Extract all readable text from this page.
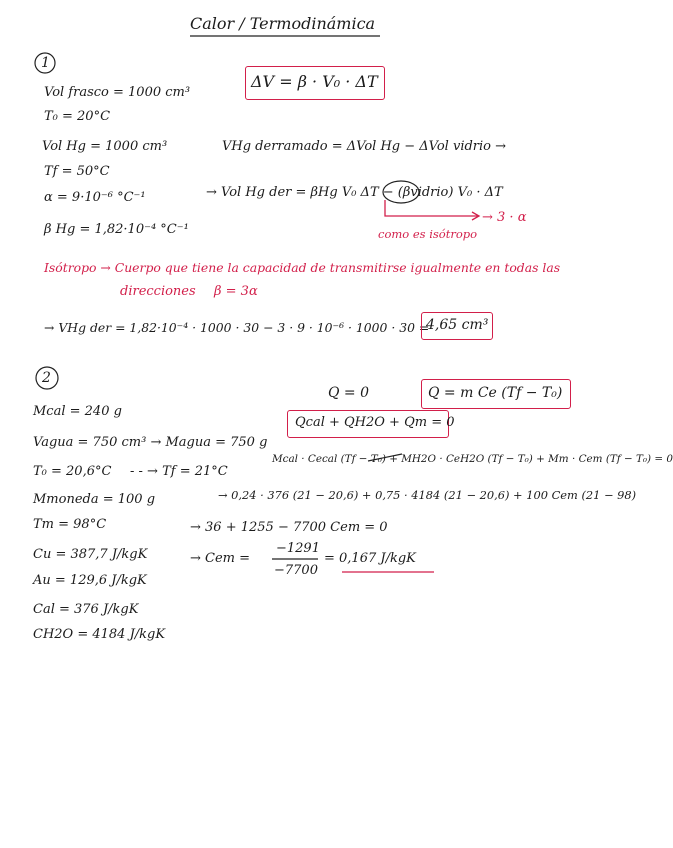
Calor / Termodinámica
1
Vol frasco = 1000 cm³
T₀ = 20°C
Vol Hg = 1000 cm³
Tf = 50°C
α = 9·10⁻⁶ °C⁻¹
β Hg = 1,82·10⁻⁴ °C⁻¹
ΔV = β · V₀ · ΔT
VHg derramado = ΔVol Hg − ΔVol vidrio →
→ Vol Hg der = βHg V₀ ΔT − (βvidrio) V₀ · ΔT
→ 3 · α
como es isótropo
Isótropo → Cuerpo que tiene la capacidad de transmitirse igualmente en todas las
direcciones β = 3α
→ VHg der = 1,82·10⁻⁴ · 1000 · 30 − 3 · 9 · 10⁻⁶ · 1000 · 30 =
4,65 cm³
2
Mcal = 240 g
Vagua = 750 cm³ → Magua = 750 g
T₀ = 20,6°C - - → Tf = 21°C
Mmoneda = 100 g
Tm = 98°C
Cu = 387,7 J/kgK
Au = 129,6 J/kgK
Cal = 376 J/kgK
CH2O = 4184 J/kgK
Q = 0	Q = m Ce (Tf − T₀)
Qcal + QH2O + Qm = 0
Mcal · Cecal (Tf − T₀) + MH2O · CeH2O (Tf − T₀) + Mm · Cem (Tf − T₀) = 0
→ 0,24 · 376 (21 − 20,6) + 0,75 · 4184 (21 − 20,6) + 100 Cem (21 − 98)
→ 36 + 1255 − 7700 Cem = 0
→ Cem =
−1291
−7700
= 0,167 J/kgK
